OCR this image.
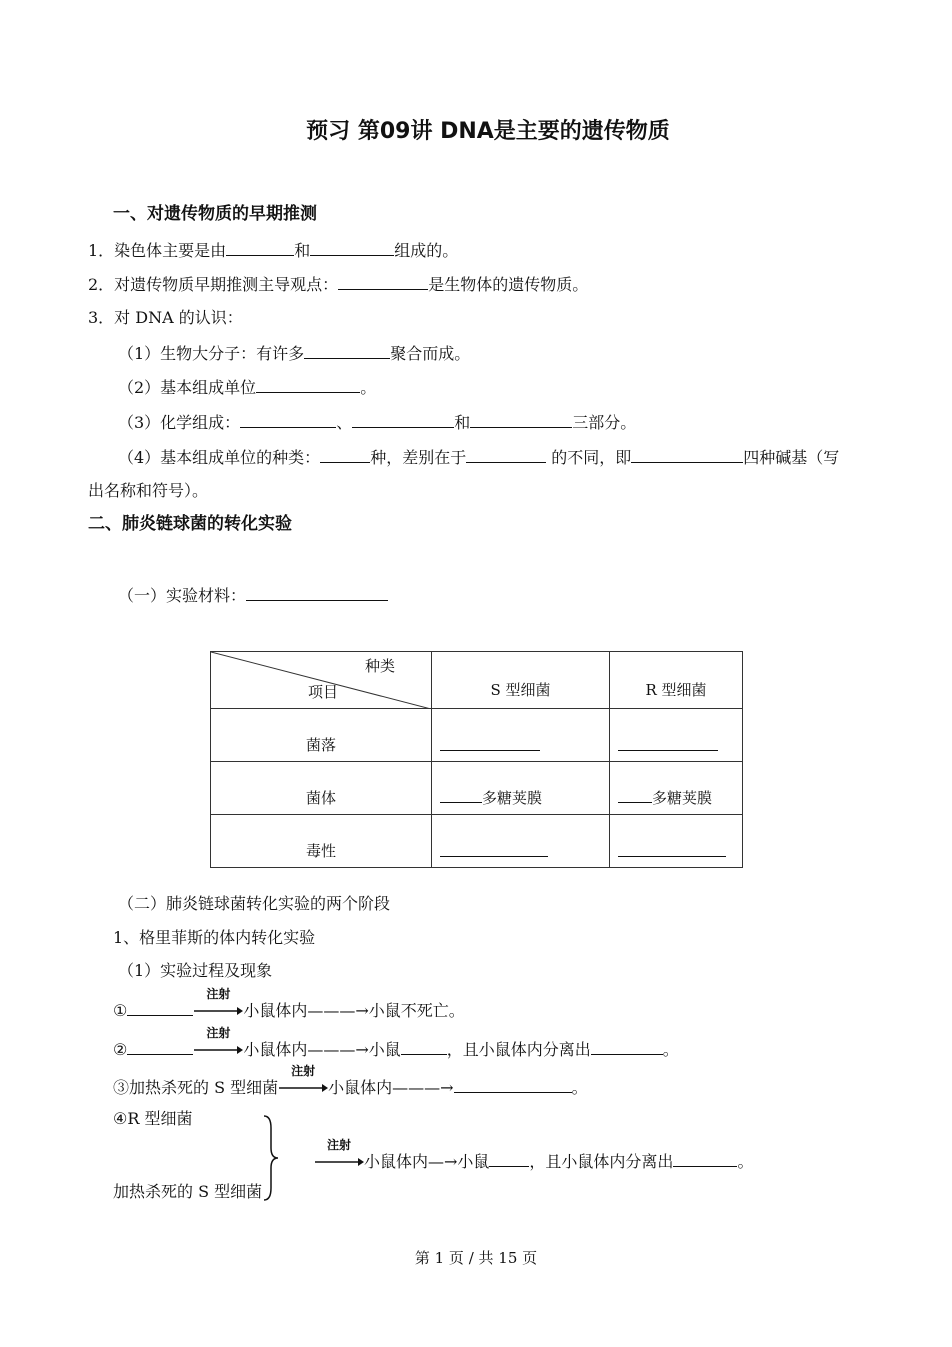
预习 第09讲 DNA是主要的遗传物质
一、对遗传物质的早期推测
1．染色体主要是由	和	组成的。
2．对遗传物质早期推测主导观点：	是生物体的遗传物质。
3．对 DNA 的认识：
（1）生物大分子：有许多	聚合而成。
（2）基本组成单位	。
（3）化学组成：	、	和	三部分。
（4）基本组成单位的种类：	种，差别在于	的不同，即	四种碱基（写
出名称和符号）。
二、肺炎链球菌的转化实验
（一）实验材料：
种类
项目	S 型细菌	R 型细菌
菌落		
菌体	多糖荚膜	多糖荚膜
毒性		
（二）肺炎链球菌转化实验的两个阶段
1、格里菲斯的体内转化实验
（1）实验过程及现象
①
注射
小鼠体内———→小鼠不死亡。
②
注射
小鼠体内———→小鼠	，且小鼠体内分离出	。
③加热杀死的 S 型细菌
注射
小鼠体内———→	。
④R 型细菌
加热杀死的 S 型细菌
注射
小鼠体内—→小鼠	，且小鼠体内分离出	。
第 1 页 / 共 15 页
